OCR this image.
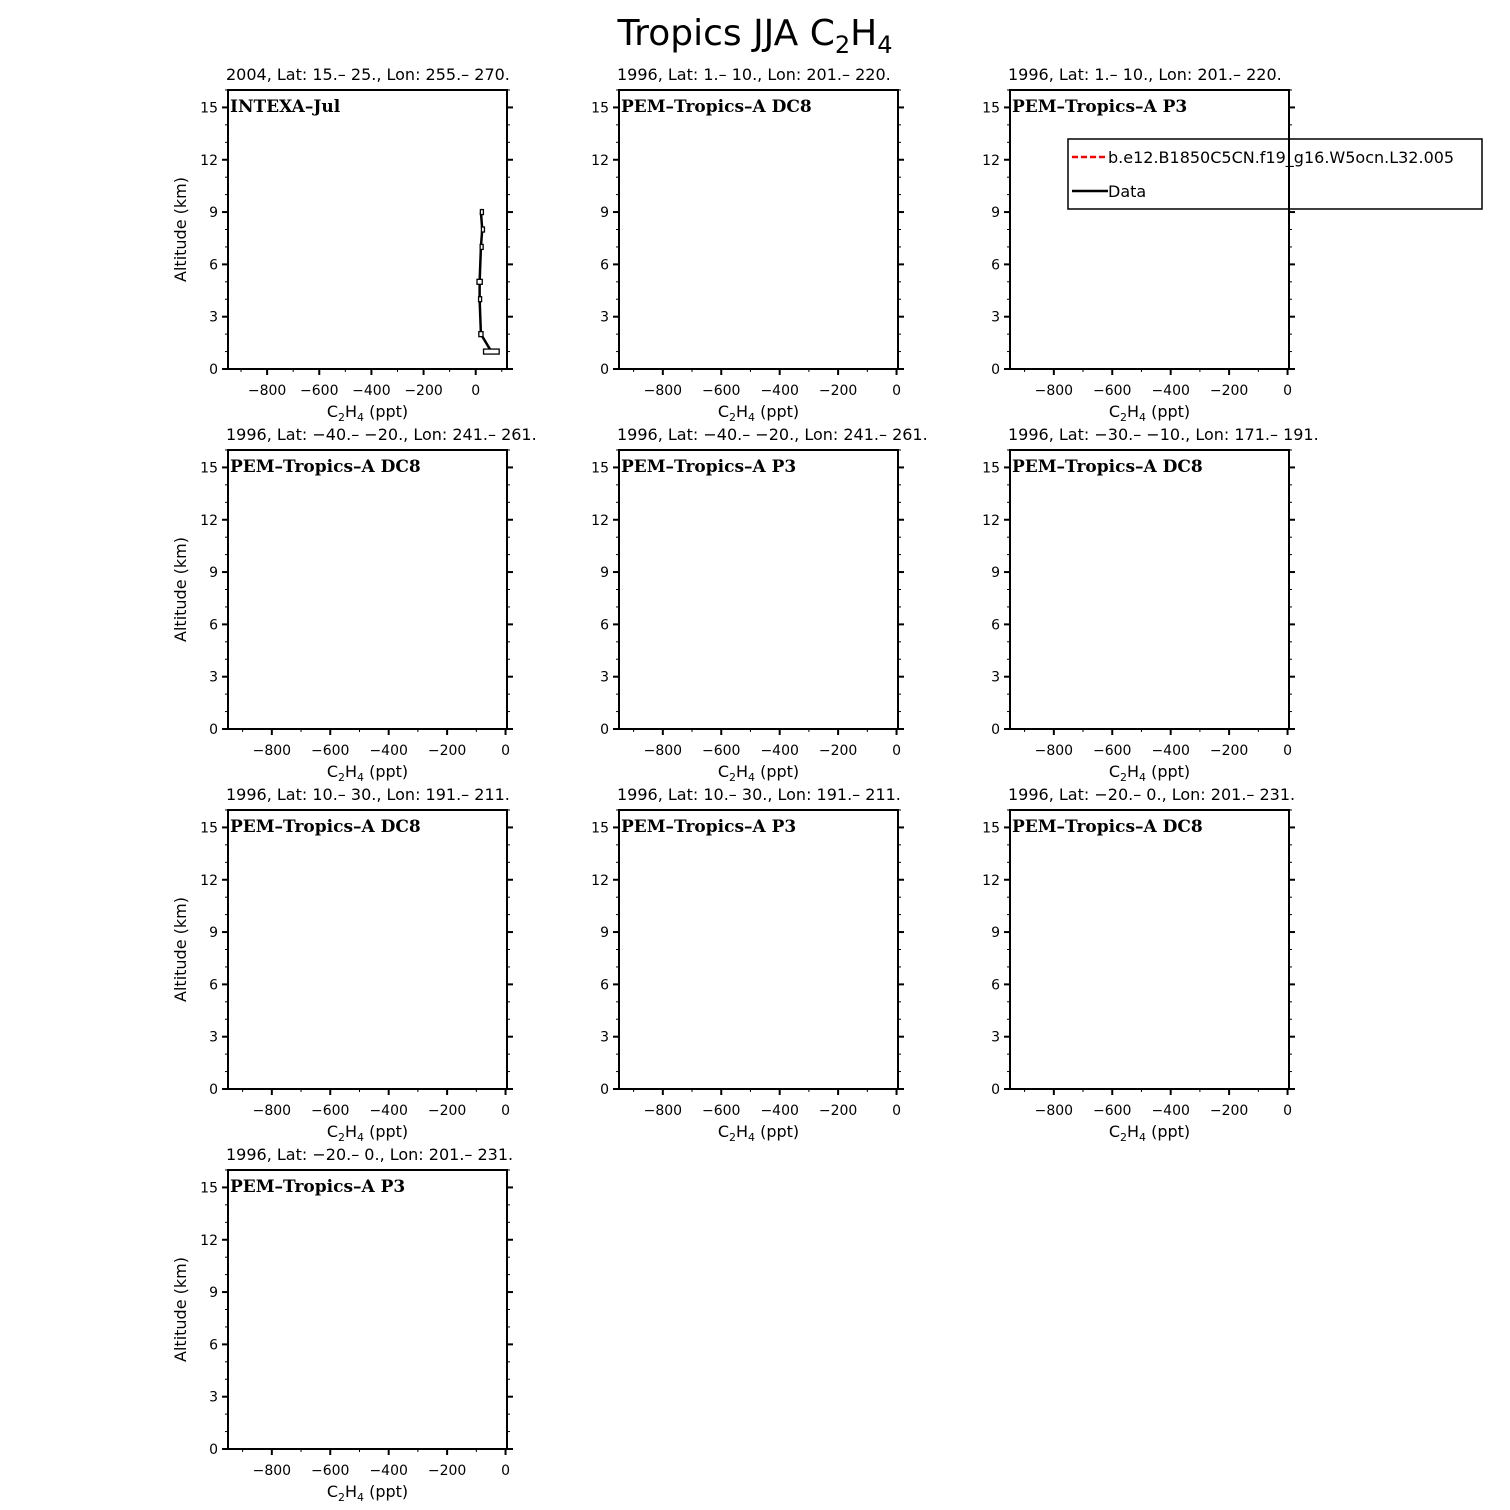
Tropics JJA $C_2H_4$
0
3
6
9
12
15
−800 −600 −400 −200 0
2004, Lat: 15.– 25., Lon: 255.– 270.
INTEXA–Jul
$C_2H_4$ (ppt)
Altitude (km)
0
3
6
9
12
15
−800 −600 −400 −200 0
1996, Lat: 1.– 10., Lon: 201.– 220.
PEM–Tropics–A DC8
$C_2H_4$ (ppt)
0
3
6
9
12
15
−800 −600 −400 −200 0
1996, Lat: 1.– 10., Lon: 201.– 220.
PEM–Tropics–A P3
$C_2H_4$ (ppt)
0
3
6
9
12
15
−800 −600 −400 −200 0
1996, Lat: −40.– −20., Lon: 241.– 261.
PEM–Tropics–A DC8
$C_2H_4$ (ppt)
Altitude (km)
0
3
6
9
12
15
−800 −600 −400 −200 0
1996, Lat: −40.– −20., Lon: 241.– 261.
PEM–Tropics–A P3
$C_2H_4$ (ppt)
0
3
6
9
12
15
−800 −600 −400 −200 0
1996, Lat: −30.– −10., Lon: 171.– 191.
PEM–Tropics–A DC8
$C_2H_4$ (ppt)
0
3
6
9
12
15
−800 −600 −400 −200 0
1996, Lat: 10.– 30., Lon: 191.– 211.
PEM–Tropics–A DC8
$C_2H_4$ (ppt)
Altitude (km)
0
3
6
9
12
15
−800 −600 −400 −200 0
1996, Lat: 10.– 30., Lon: 191.– 211.
PEM–Tropics–A P3
$C_2H_4$ (ppt)
0
3
6
9
12
15
−800 −600 −400 −200 0
1996, Lat: −20.– 0., Lon: 201.– 231.
PEM–Tropics–A DC8
$C_2H_4$ (ppt)
0
3
6
9
12
15
−800 −600 −400 −200 0
1996, Lat: −20.– 0., Lon: 201.– 231.
PEM–Tropics–A P3
$C_2H_4$ (ppt)
Altitude (km)
b.e12.B1850C5CN.f19_g16.W5ocn.L32.005
Data
